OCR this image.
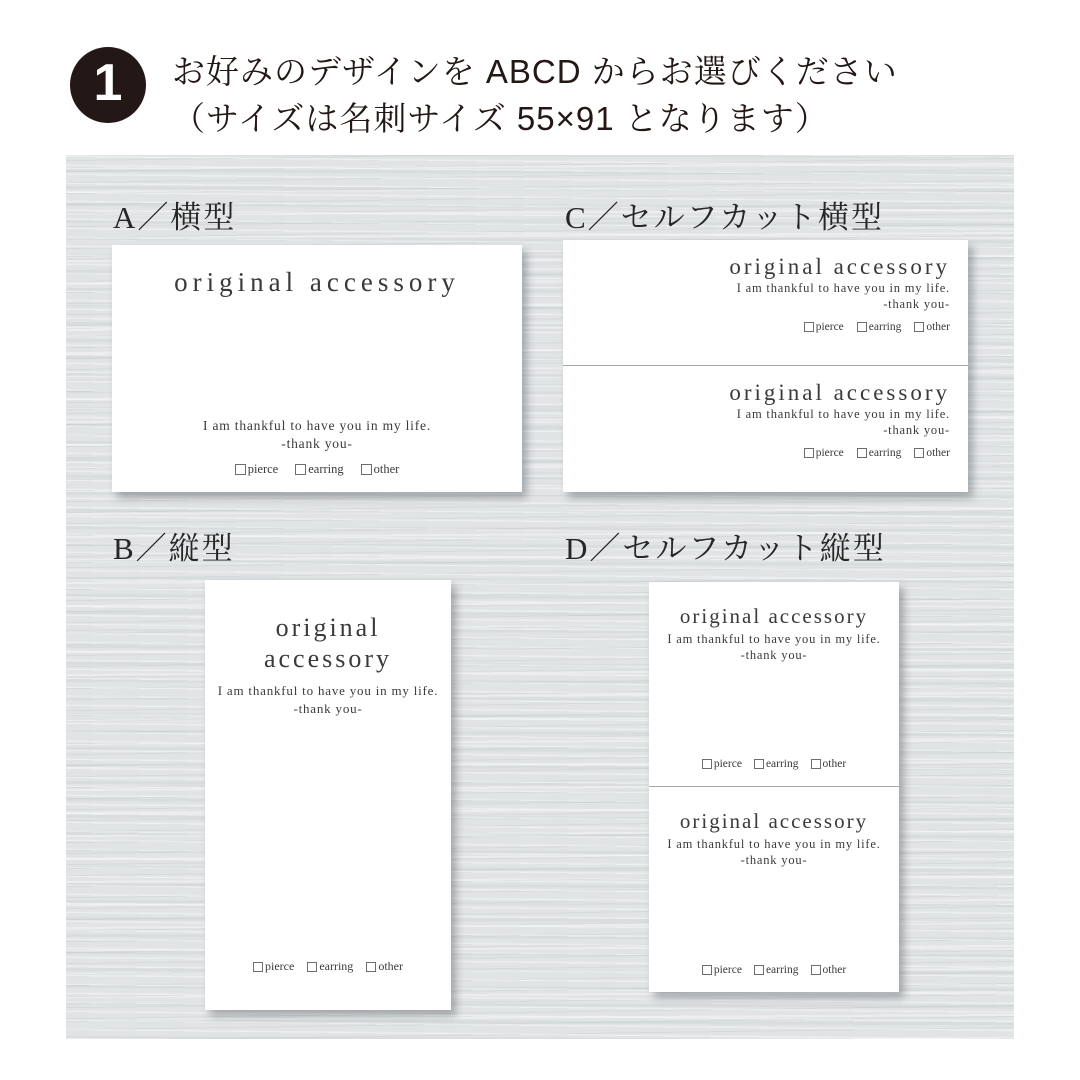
1 お好みのデザインを ABCD からお選びください
（サイズは名刺サイズ 55×91 となります）
A／横型	C／セルフカット横型
B／縦型	D／セルフカット縦型
original accessory
I am thankful to have you in my life.
-thank you-
pierce earring other
original accessory
I am thankful to have you in my life.
-thank you-
pierce earring other
original accessory
I am thankful to have you in my life.
-thank you-
pierce earring other
original
accessory
I am thankful to have you in my life.
-thank you-
pierce earring other
original accessory
I am thankful to have you in my life.
-thank you-
pierce earring other
original accessory
I am thankful to have you in my life.
-thank you-
pierce earring other
